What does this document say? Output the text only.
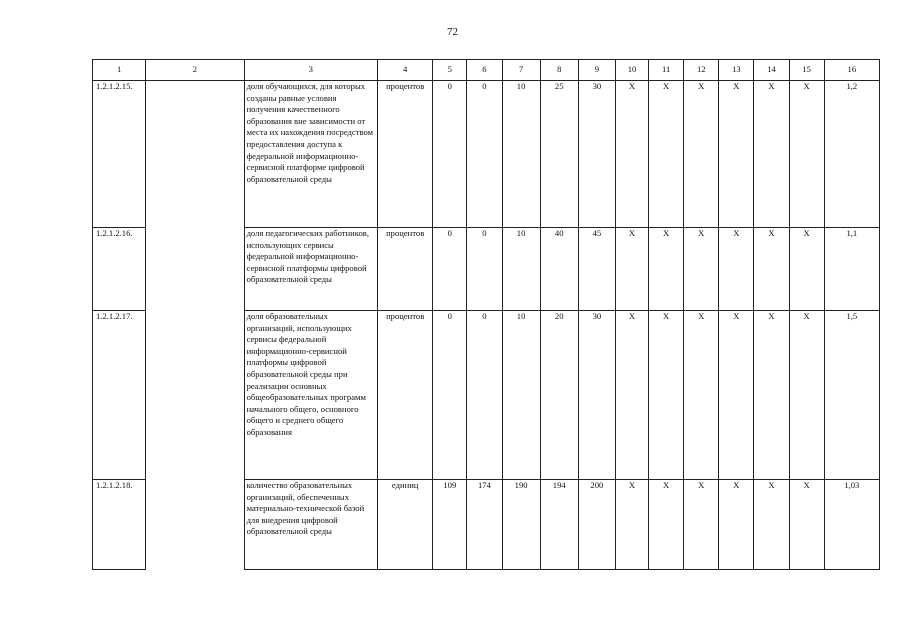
72
1	2	3	4	5	6	7	8	9	10	11	12	13	14	15	16
1.2.1.2.15.		доля обучающихся, для которых созданы равные условия получения качественного образования вне зависимости от места их нахождения посредством предоставления доступа к федеральной информационно-сервисной платформе цифровой образовательной среды	процентов	0	0	10	25	30	X	X	X	X	X	X	1,2
1.2.1.2.16.		доля педагогических работников, использующих сервисы федеральной информационно-сервисной платформы цифровой образовательной среды	процентов	0	0	10	40	45	X	X	X	X	X	X	1,1
1.2.1.2.17.		доля образовательных организаций, использующих сервисы федеральной информационно-сервисной платформы цифровой образовательной среды при реализации основных общеобразовательных программ начального общего, основного общего и среднего общего образования	процентов	0	0	10	20	30	X	X	X	X	X	X	1,5
1.2.1.2.18.		количество образовательных организаций, обеспеченных материально-технической базой для внедрения цифровой образовательной среды	единиц	109	174	190	194	200	X	X	X	X	X	X	1,03
